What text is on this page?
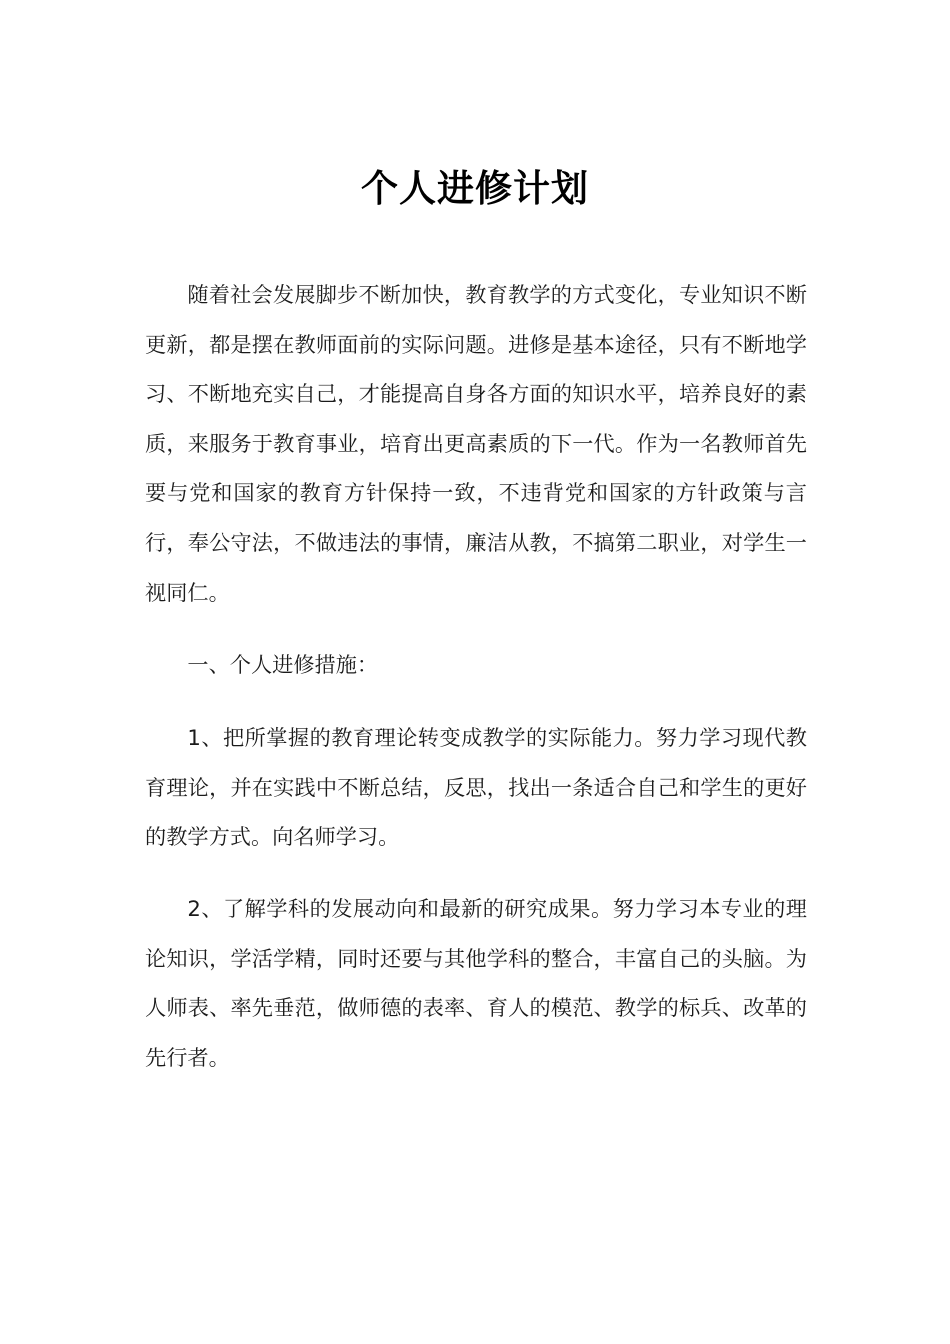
个人进修计划

随着社会发展脚步不断加快，教育教学的方式变化，专业知识不断更新，都是摆在教师面前的实际问题。进修是基本途径，只有不断地学习、不断地充实自己，才能提高自身各方面的知识水平，培养良好的素质，来服务于教育事业，培育出更高素质的下一代。作为一名教师首先要与党和国家的教育方针保持一致，不违背党和国家的方针政策与言行，奉公守法，不做违法的事情，廉洁从教，不搞第二职业，对学生一视同仁。

一、个人进修措施：

1、把所掌握的教育理论转变成教学的实际能力。努力学习现代教育理论，并在实践中不断总结，反思，找出一条适合自己和学生的更好的教学方式。向名师学习。

2、了解学科的发展动向和最新的研究成果。努力学习本专业的理论知识，学活学精，同时还要与其他学科的整合，丰富自己的头脑。为人师表、率先垂范，做师德的表率、育人的模范、教学的标兵、改革的先行者。
